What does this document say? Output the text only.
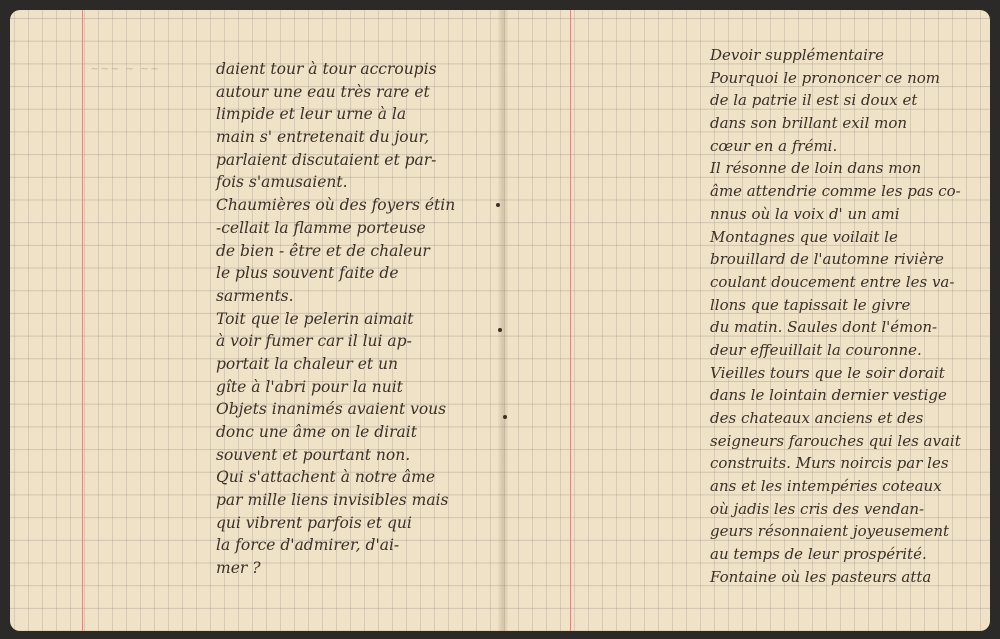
~~~ ~ ~~	daient tour à tour accroupis
autour une eau très rare et
limpide et leur urne à la
main s' entretenait du jour,
parlaient discutaient et par-
fois s'amusaient.
Chaumières où des foyers étin
-cellait la flamme porteuse
de bien - être et de chaleur
le plus souvent faite de
sarments.
Toit que le pelerin aimait
à voir fumer car il lui ap-
portait la chaleur et un
gîte à l'abri pour la nuit
Objets inanimés avaient vous
donc une âme on le dirait
souvent et pourtant non.
Qui s'attachent à notre âme
par mille liens invisibles mais
qui vibrent parfois et qui
la force d'admirer, d'ai-
mer ?
Devoir supplémentaire
Pourquoi le prononcer ce nom
de la patrie il est si doux et
dans son brillant exil mon
cœur en a frémi.
Il résonne de loin dans mon
âme attendrie comme les pas co-
nnus où la voix d' un ami
Montagnes que voilait le
brouillard de l'automne rivière
coulant doucement entre les va-
llons que tapissait le givre
du matin. Saules dont l'émon-
deur effeuillait la couronne.
Vieilles tours que le soir dorait
dans le lointain dernier vestige
des chateaux anciens et des
seigneurs farouches qui les avait
construits. Murs noircis par les
ans et les intempéries coteaux
où jadis les cris des vendan-
geurs résonnaient joyeusement
au temps de leur prospérité.
Fontaine où les pasteurs atta
